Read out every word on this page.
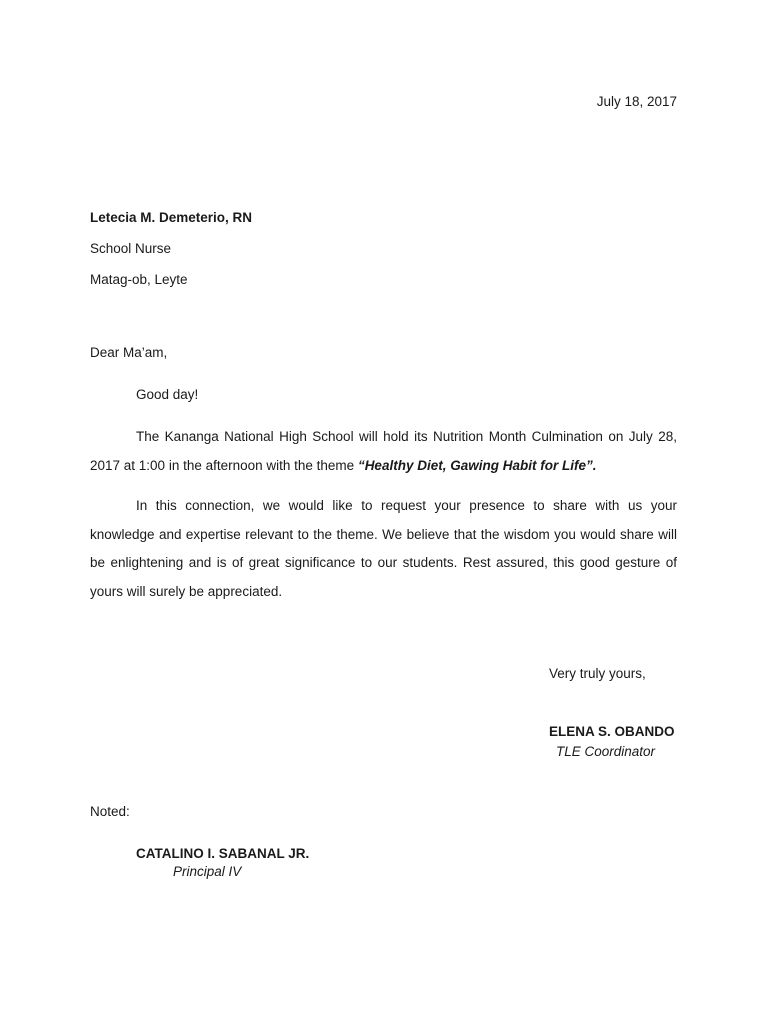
July 18, 2017
Letecia M. Demeterio, RN
School Nurse
Matag-ob, Leyte
Dear Ma’am,
Good day!
The Kananga National High School will hold its Nutrition Month Culmination on July 28, 2017 at 1:00 in the afternoon with the theme “Healthy Diet, Gawing Habit for Life”.
In this connection, we would like to request your presence to share with us your knowledge and expertise relevant to the theme. We believe that the wisdom you would share will be enlightening and is of great significance to our students. Rest assured, this good gesture of yours will surely be appreciated.
Very truly yours,
ELENA S. OBANDO
TLE Coordinator
Noted:
CATALINO I. SABANAL JR.
Principal IV
